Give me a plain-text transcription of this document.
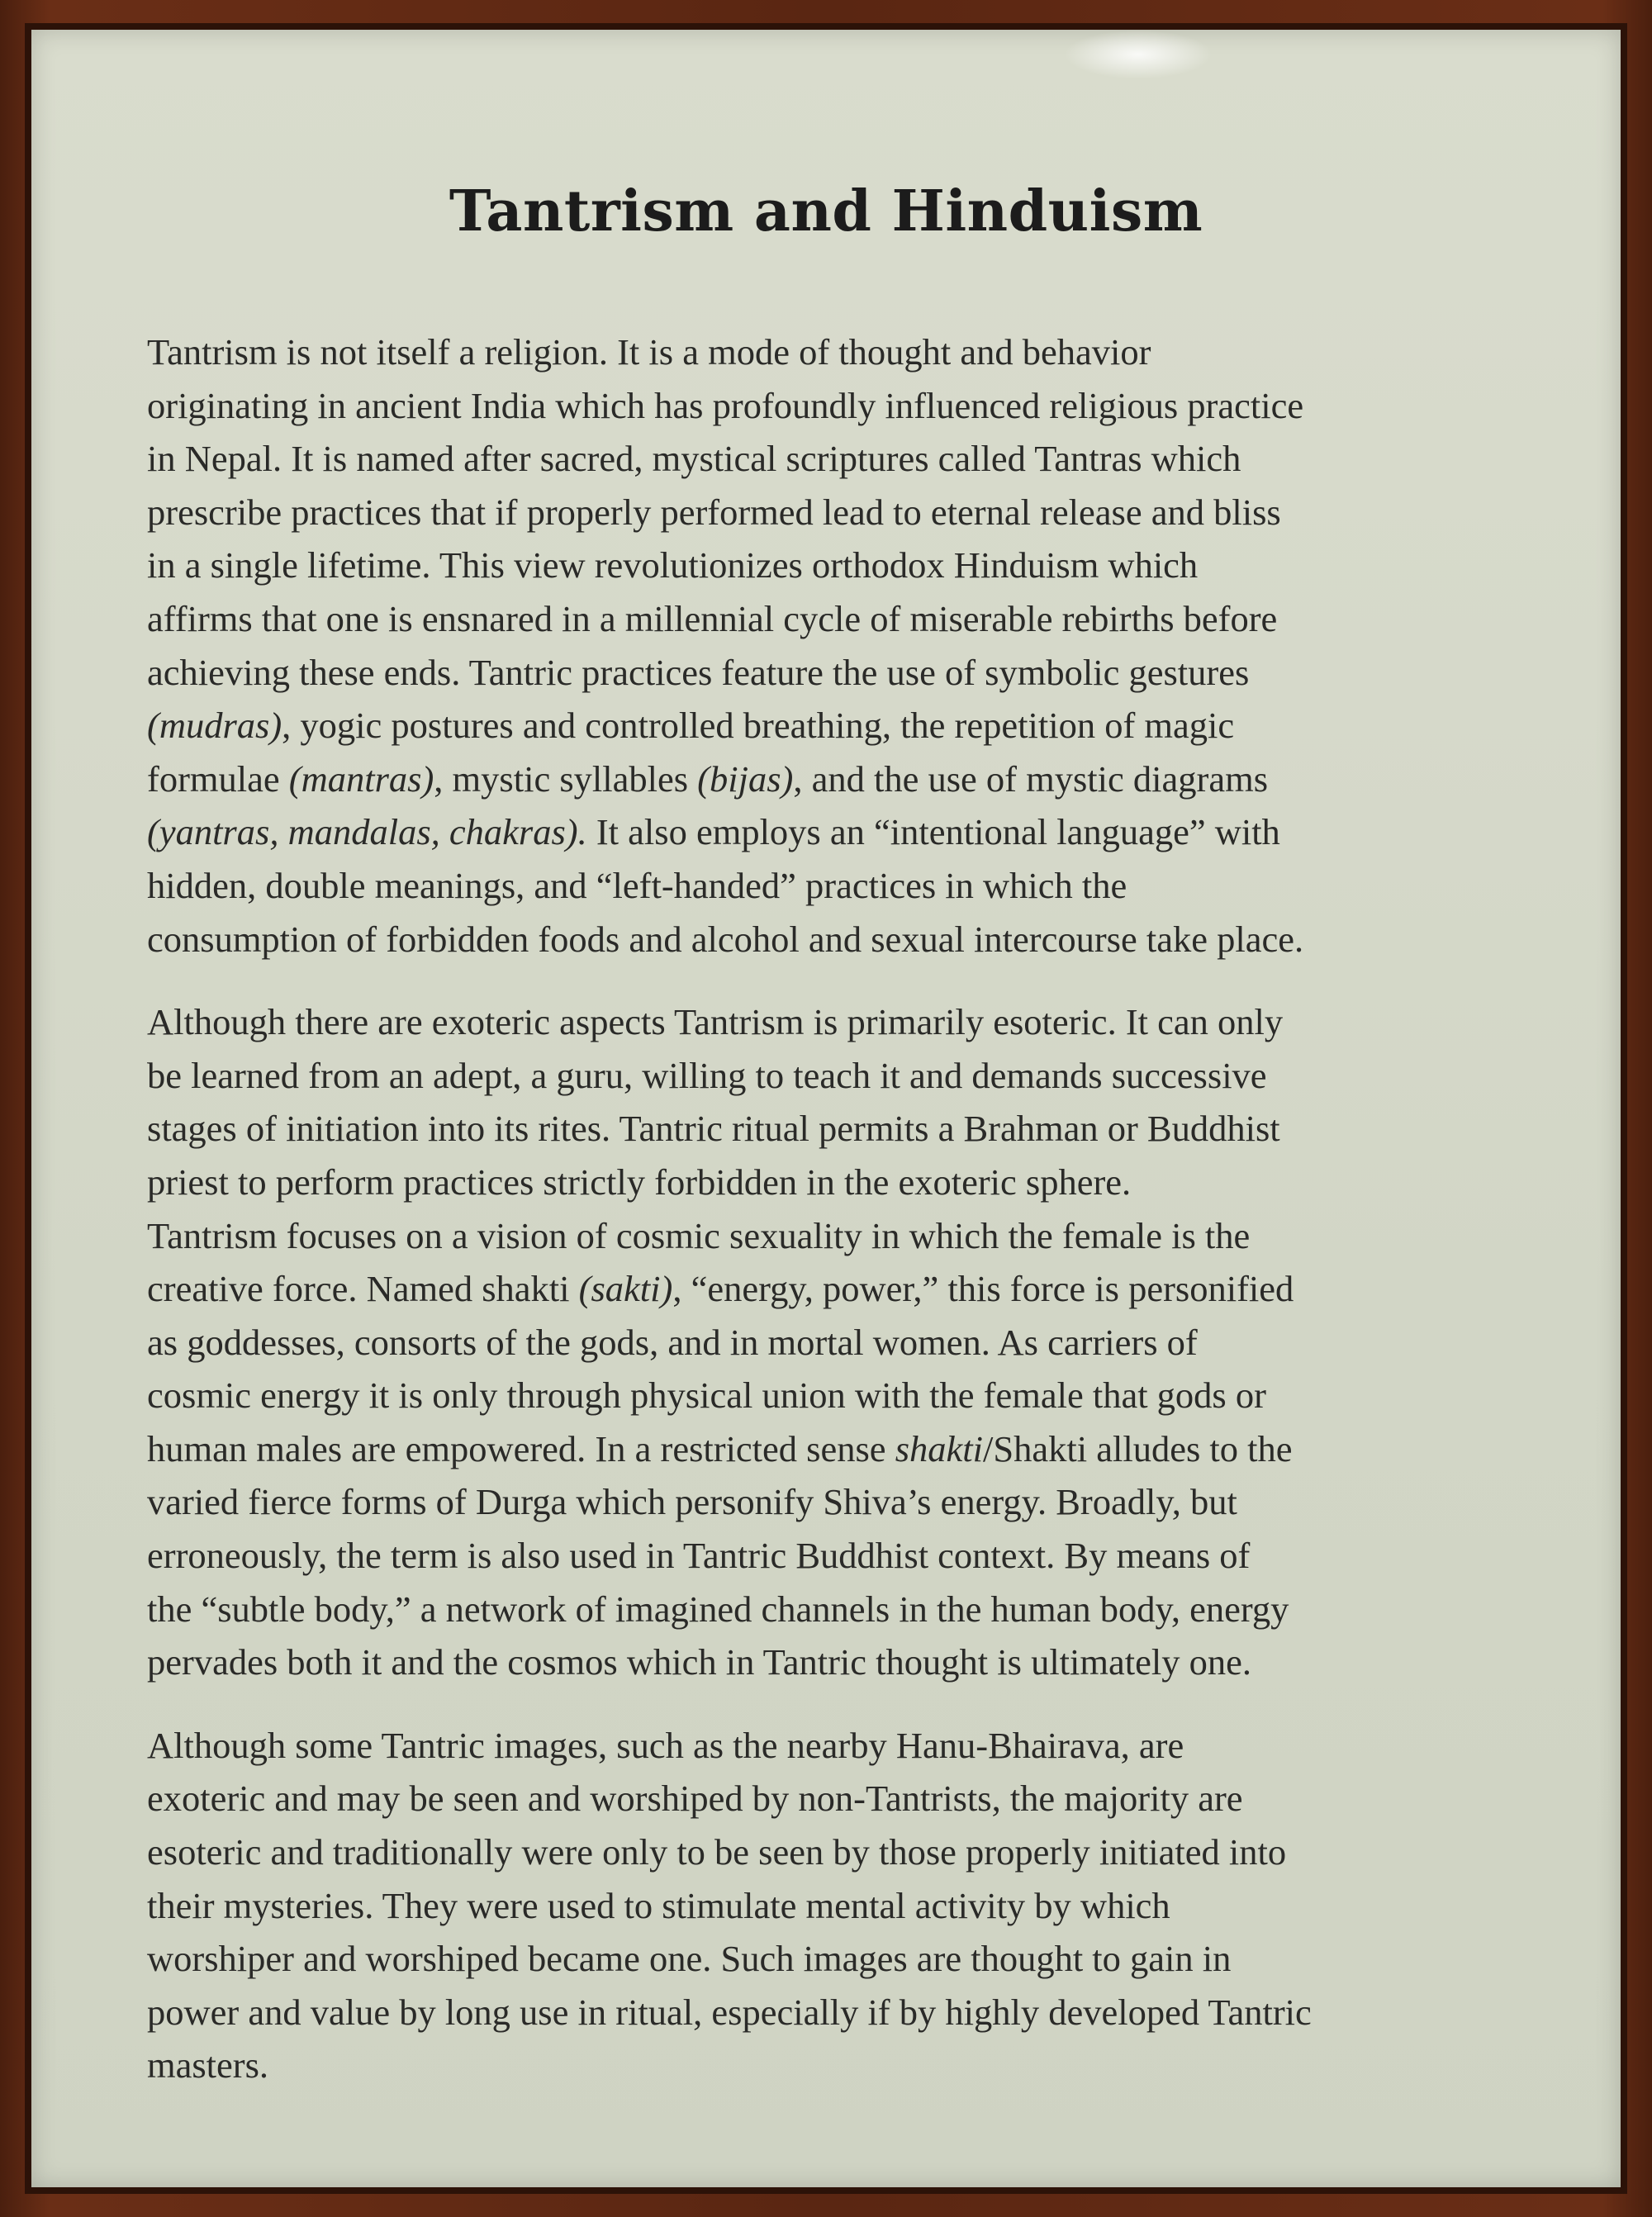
Tantrism and Hinduism

Tantrism is not itself a religion. It is a mode of thought and behavior
originating in ancient India which has profoundly influenced religious practice
in Nepal. It is named after sacred, mystical scriptures called Tantras which
prescribe practices that if properly performed lead to eternal release and bliss
in a single lifetime. This view revolutionizes orthodox Hinduism which
affirms that one is ensnared in a millennial cycle of miserable rebirths before
achieving these ends. Tantric practices feature the use of symbolic gestures
(mudras), yogic postures and controlled breathing, the repetition of magic
formulae (mantras), mystic syllables (bijas), and the use of mystic diagrams
(yantras, mandalas, chakras). It also employs an “intentional language” with
hidden, double meanings, and “left-handed” practices in which the
consumption of forbidden foods and alcohol and sexual intercourse take place.

Although there are exoteric aspects Tantrism is primarily esoteric. It can only
be learned from an adept, a guru, willing to teach it and demands successive
stages of initiation into its rites. Tantric ritual permits a Brahman or Buddhist
priest to perform practices strictly forbidden in the exoteric sphere.
Tantrism focuses on a vision of cosmic sexuality in which the female is the
creative force. Named shakti (sakti), “energy, power,” this force is personified
as goddesses, consorts of the gods, and in mortal women. As carriers of
cosmic energy it is only through physical union with the female that gods or
human males are empowered. In a restricted sense shakti/Shakti alludes to the
varied fierce forms of Durga which personify Shiva’s energy. Broadly, but
erroneously, the term is also used in Tantric Buddhist context. By means of
the “subtle body,” a network of imagined channels in the human body, energy
pervades both it and the cosmos which in Tantric thought is ultimately one.

Although some Tantric images, such as the nearby Hanu-Bhairava, are
exoteric and may be seen and worshiped by non-Tantrists, the majority are
esoteric and traditionally were only to be seen by those properly initiated into
their mysteries. They were used to stimulate mental activity by which
worshiper and worshiped became one. Such images are thought to gain in
power and value by long use in ritual, especially if by highly developed Tantric
masters.
